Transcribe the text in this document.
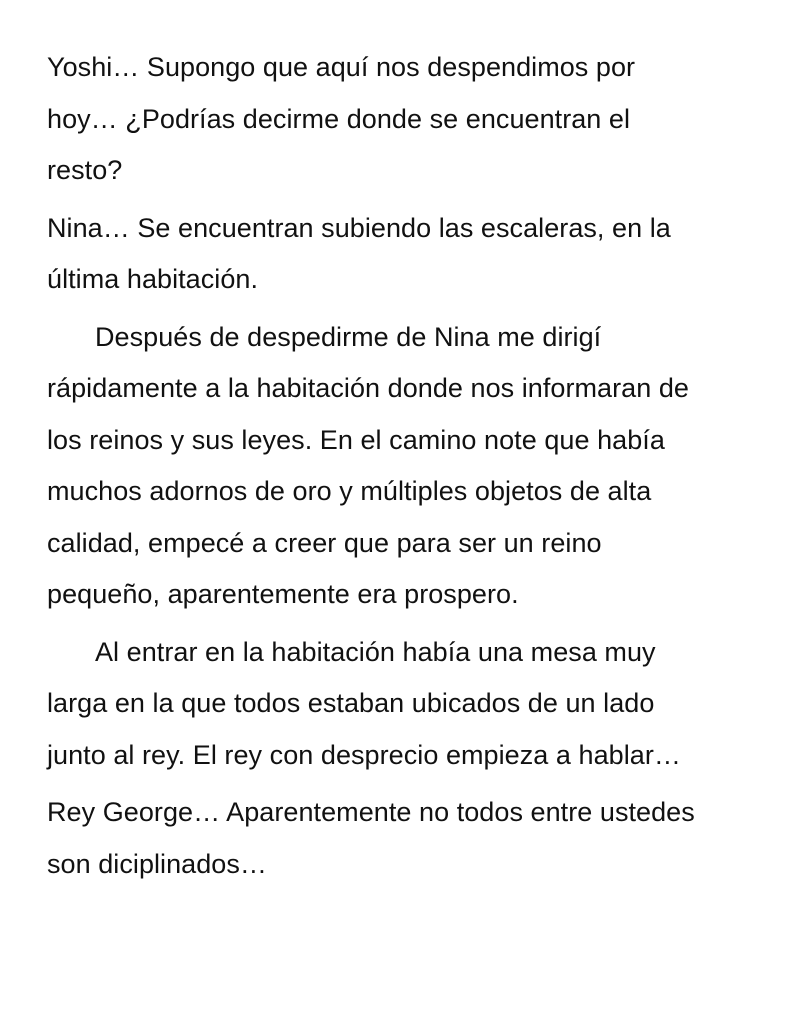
Yoshi… Supongo que aquí nos despendimos por
hoy… ¿Podrías decirme donde se encuentran el
resto?

Nina… Se encuentran subiendo las escaleras, en la
última habitación.

Después de despedirme de Nina me dirigí
rápidamente a la habitación donde nos informaran de
los reinos y sus leyes. En el camino note que había
muchos adornos de oro y múltiples objetos de alta
calidad, empecé a creer que para ser un reino
pequeño, aparentemente era prospero.

Al entrar en la habitación había una mesa muy
larga en la que todos estaban ubicados de un lado
junto al rey. El rey con desprecio empieza a hablar…

Rey George… Aparentemente no todos entre ustedes
son diciplinados…
